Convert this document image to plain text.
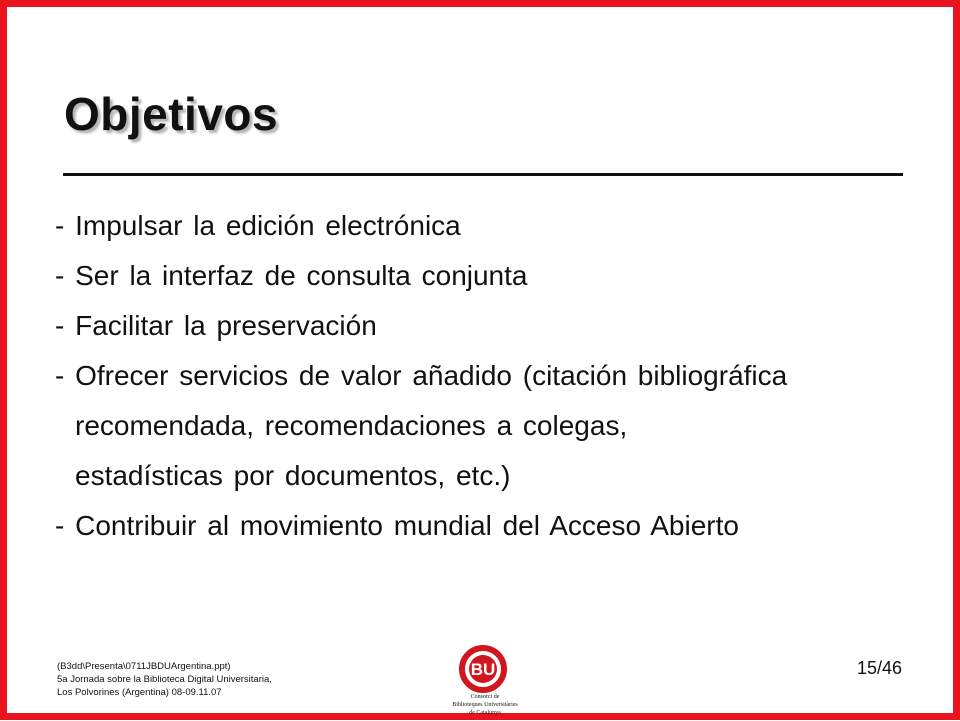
Objetivos
- Impulsar la edición electrónica
- Ser la interfaz de consulta conjunta
- Facilitar la preservación
- Ofrecer servicios de valor añadido (citación bibliográfica
recomendada, recomendaciones a colegas,
estadísticas por documentos, etc.)
- Contribuir al movimiento mundial del Acceso Abierto
(B3dd\Presenta\0711JBDUArgentina.ppt)
5a Jornada sobre la Biblioteca Digital Universitaria,
Los Polvorines (Argentina) 08-09.11.07
BU
Consorci de
Biblioteques Universitàries
de Catalunya
15/46
